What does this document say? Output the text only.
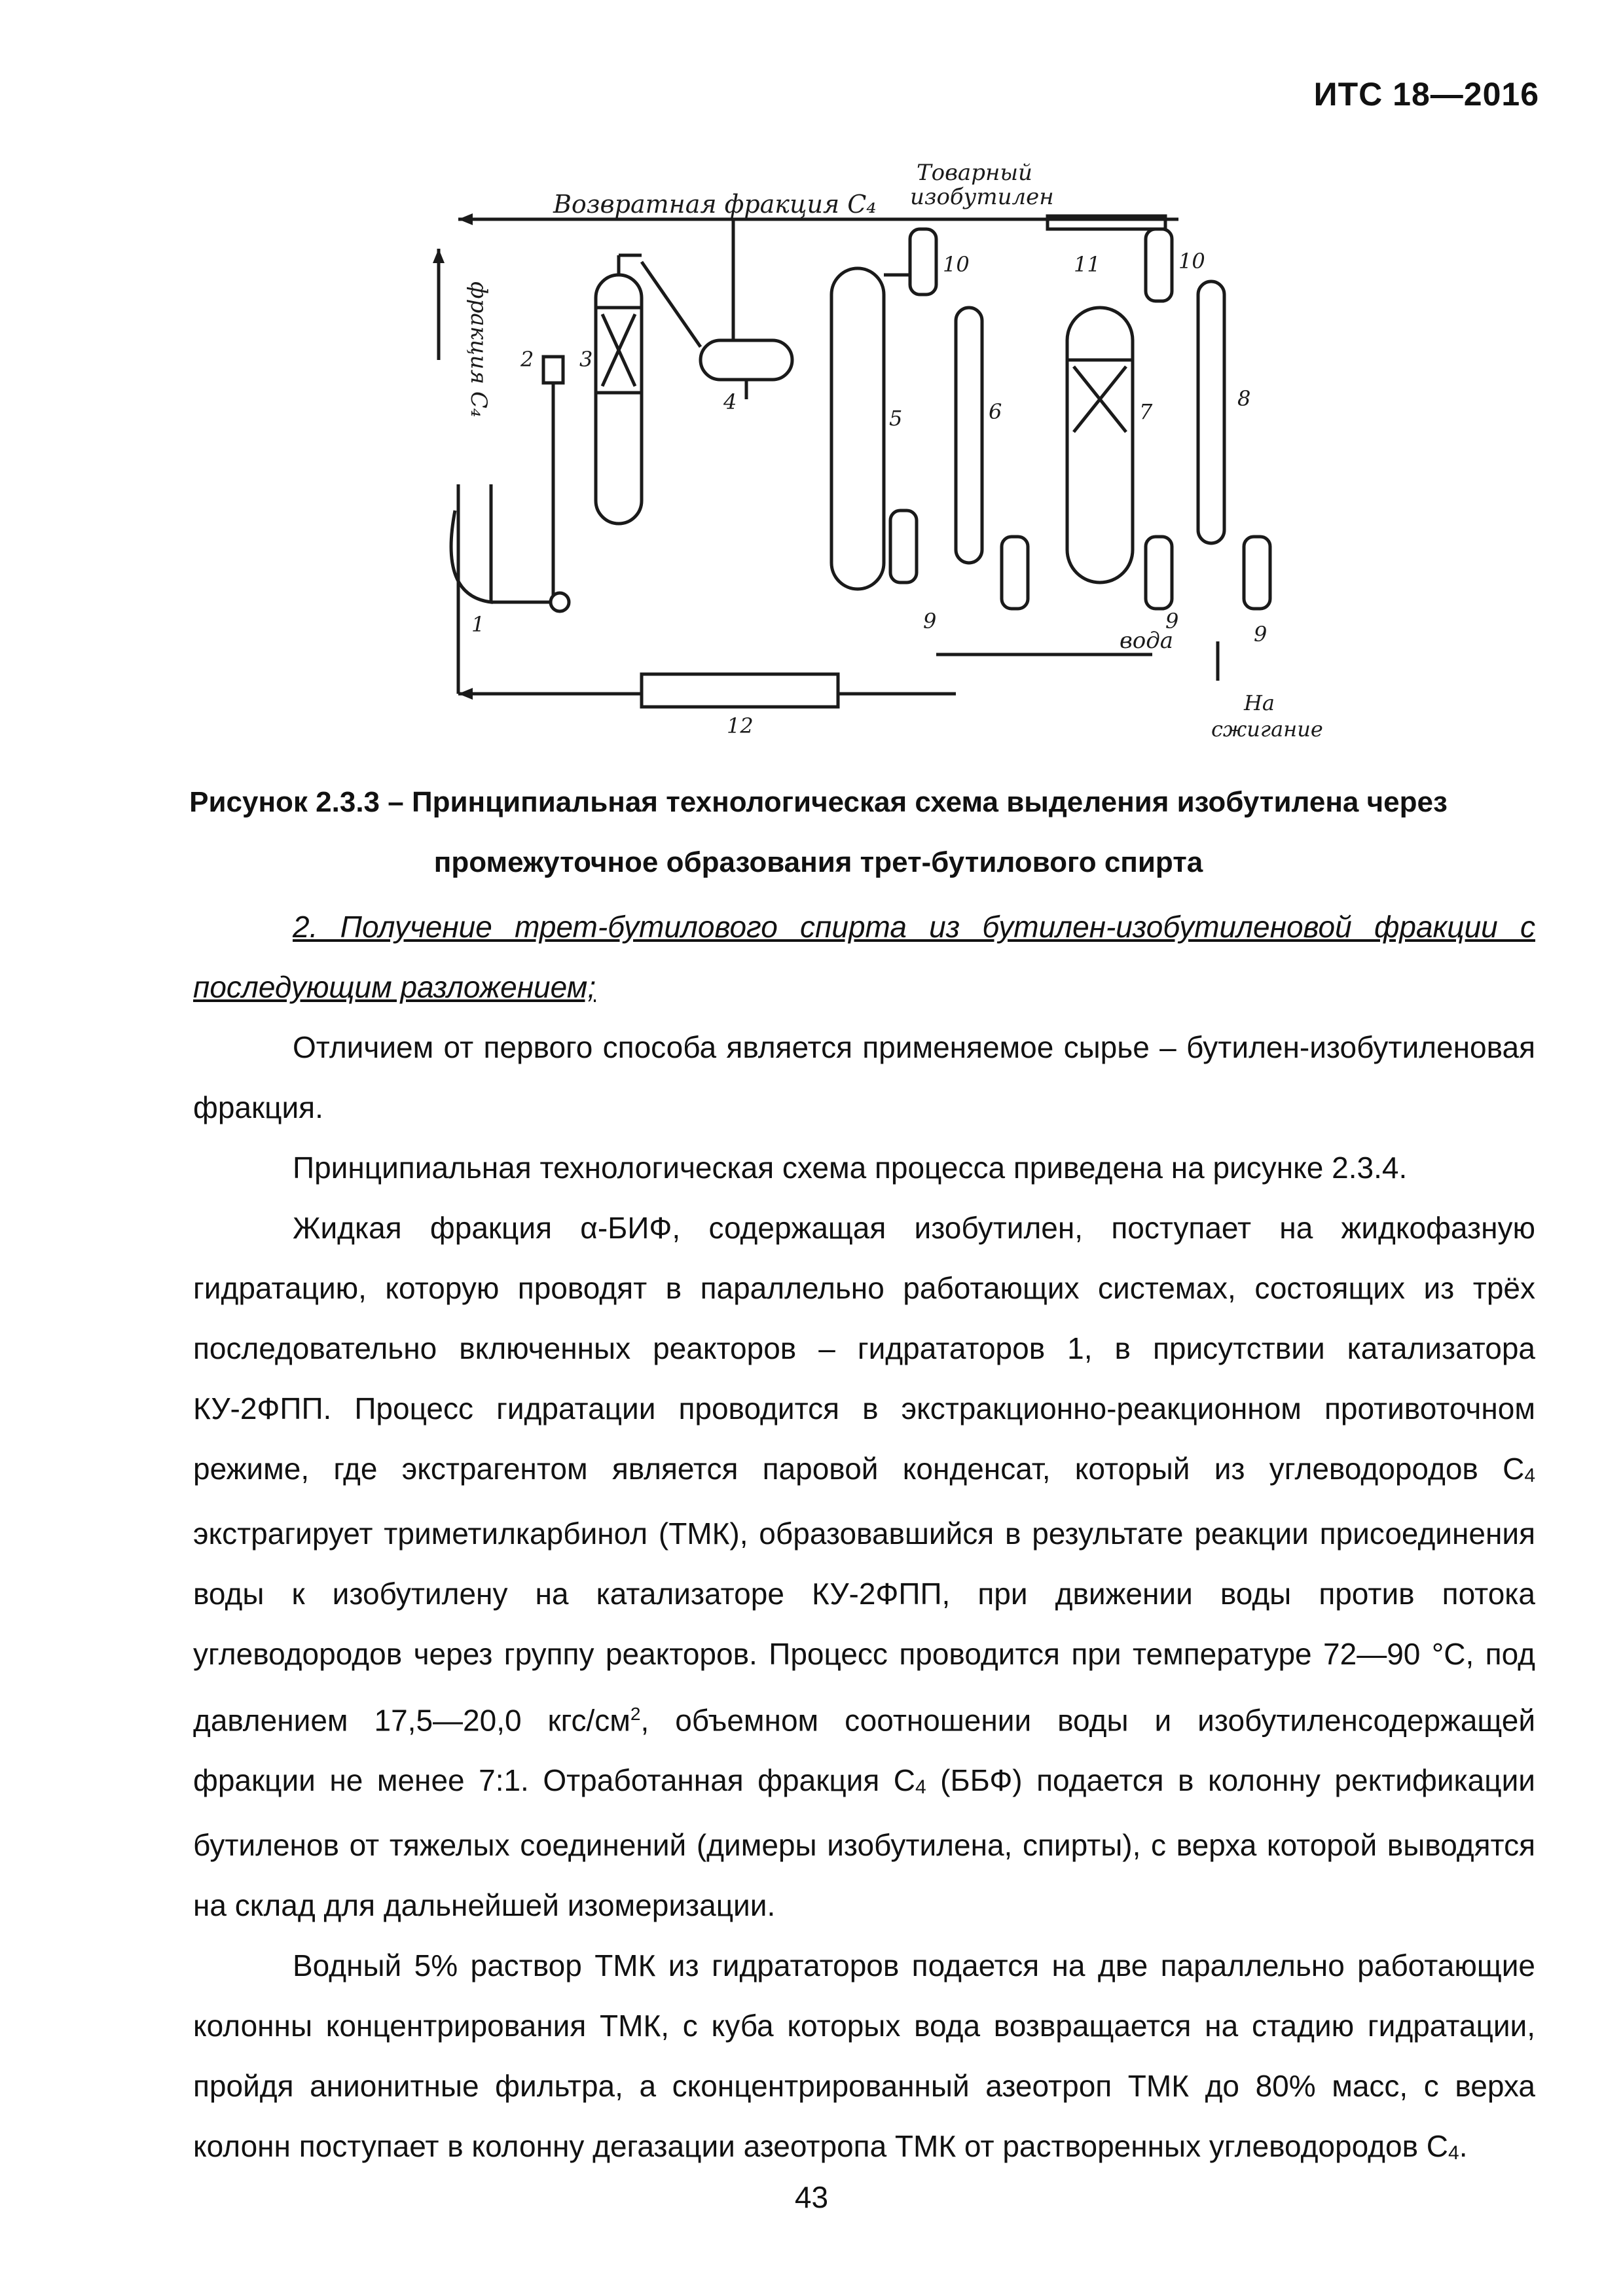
ИТС 18—2016
Товарный
изобутилен
Возвратная фракция С₄
фракция С₄
вода
На
сжигание
1
2 3
4
5	6	7
8
9	9
9
10	10
11
12
Рисунок 2.3.3 – Принципиальная технологическая схема выделения изобутилена через
промежуточное образования трет-бутилового спирта

2. Получение трет-бутилового спирта из бутилен-изобутиленовой фракции с последующим разложением;

Отличием от первого способа является применяемое сырье – бутилен-изобутиленовая фракция.

Принципиальная технологическая схема процесса приведена на рисунке 2.3.4.

Жидкая фракция α-БИФ, содержащая изобутилен, поступает на жидкофазную гидратацию, которую проводят в параллельно работающих системах, состоящих из трёх последовательно включенных реакторов – гидрататоров 1, в присутствии катализатора КУ-2ФПП. Процесс гидратации проводится в экстракционно-реакционном противоточном режиме, где экстрагентом является паровой конденсат, который из углеводородов $С_4$ экстрагирует триметилкарбинол (ТМК), образовавшийся в результате реакции присоединения воды к изобутилену на катализаторе КУ-2ФПП, при движении воды против потока углеводородов через группу реакторов. Процесс проводится при температуре 72—90 °C, под давлением 17,5—20,0 кгс/$см^2$, объемном соотношении воды и изобутиленсодержащей фракции не менее 7:1. Отработанная фракция $С_4$ (ББФ) подается в колонну ректификации бутиленов от тяжелых соединений (димеры изобутилена, спирты), с верха которой выводятся на склад для дальнейшей изомеризации.

Водный 5% раствор ТМК из гидрататоров подается на две параллельно работающие колонны концентрирования ТМК, с куба которых вода возвращается на стадию гидратации, пройдя анионитные фильтра, а сконцентрированный азеотроп ТМК до 80% масс, с верха колонн поступает в колонну дегазации азеотропа ТМК от растворенных углеводородов $С_4$.

43
